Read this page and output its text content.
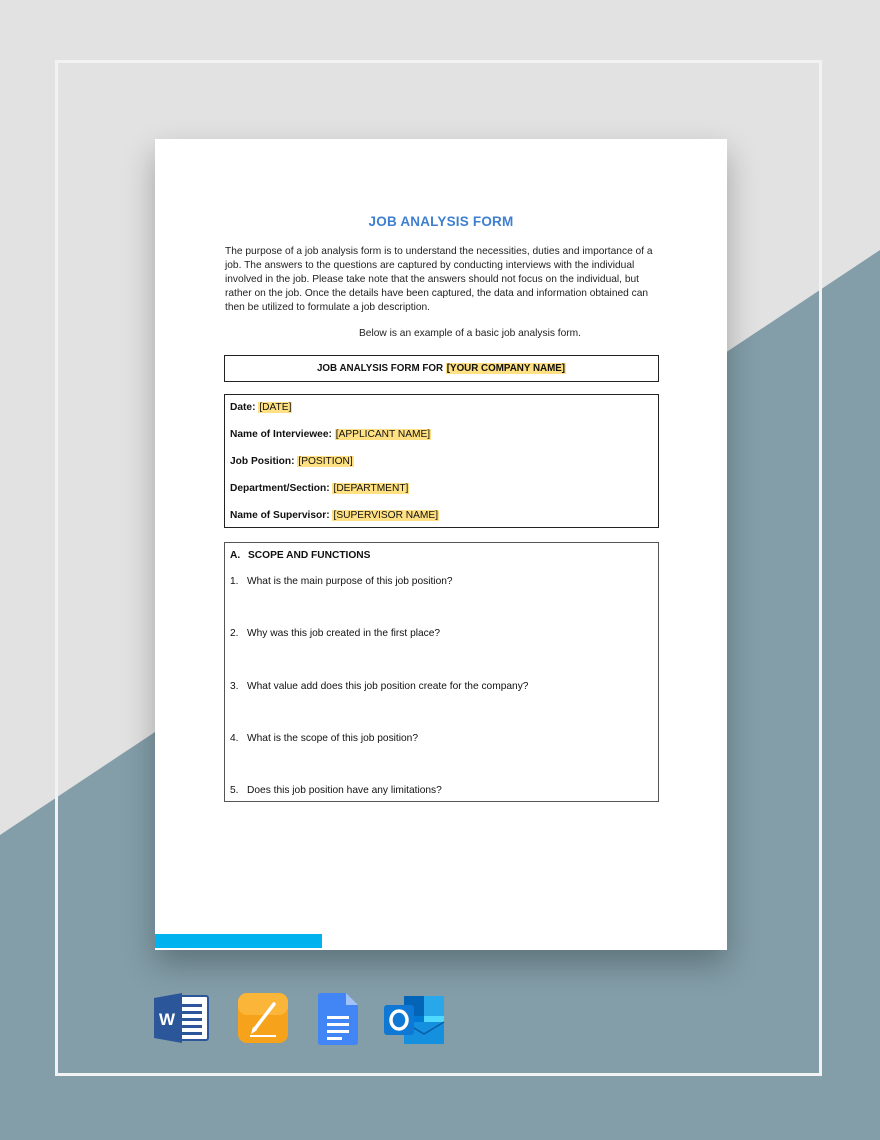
JOB ANALYSIS FORM

The purpose of a job analysis form is to understand the necessities, duties and importance of a job. The answers to the questions are captured by conducting interviews with the individual involved in the job. Please take note that the answers should not focus on the individual, but rather on the job. Once the details have been captured, the data and information obtained can then be utilized to formulate a job description.

Below is an example of a basic job analysis form.
JOB ANALYSIS FORM FOR [YOUR COMPANY NAME]
Date: [DATE]
Name of Interviewee: [APPLICANT NAME]
Job Position: [POSITION]
Department/Section: [DEPARTMENT]
Name of Supervisor: [SUPERVISOR NAME]
A. SCOPE AND FUNCTIONS
1. What is the main purpose of this job position?
2. Why was this job created in the first place?
3. What value add does this job position create for the company?
4. What is the scope of this job position?
5. Does this job position have any limitations?
W
